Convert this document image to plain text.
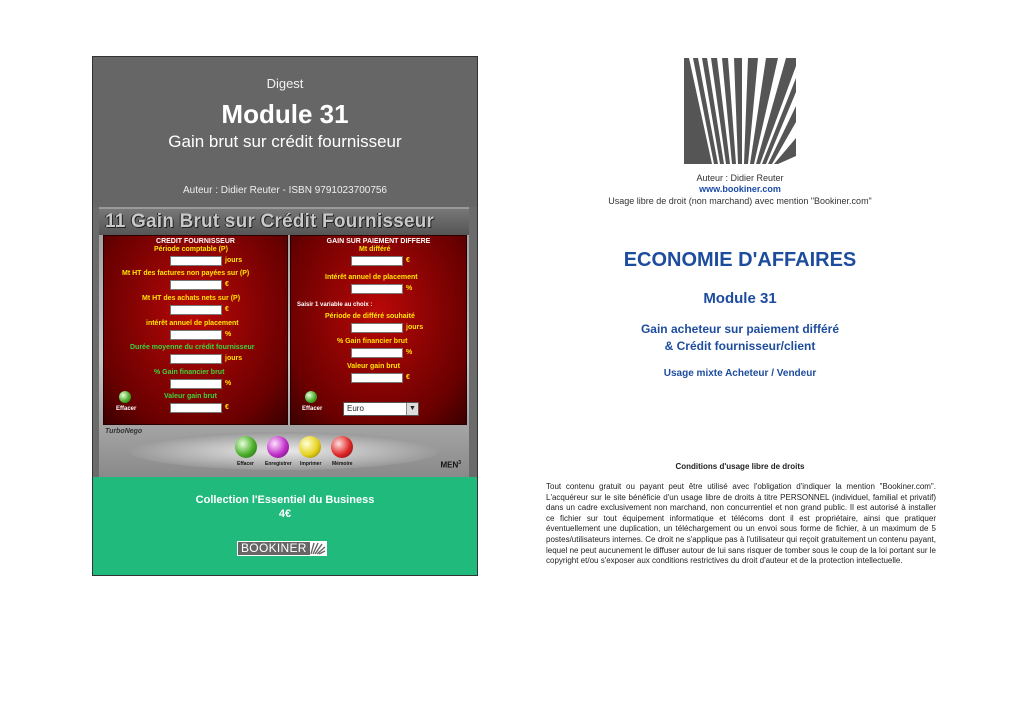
Digest
Module 31
Gain brut sur crédit fournisseur
Auteur : Didier Reuter - ISBN 9791023700756
11 Gain Brut sur Crédit Fournisseur
CREDIT FOURNISSEUR
Période comptable (P)
jours
Mt HT des factures non payées sur (P)
€
Mt HT des achats nets sur (P)
€
intérêt annuel de placement
%
Durée moyenne du crédit fournisseur
jours
% Gain financier brut
%
Effacer
Valeur gain brut
€
GAIN SUR PAIEMENT DIFFERE
Mt différé
€
Intérêt annuel de placement
%
Saisir 1 variable au choix :
Période de différé souhaité
jours
% Gain financier brut
%
Valeur gain brut
€
Effacer	Euro	▼
TurboNego
Effacer Enregistrer Imprimer Mémoire	MEN$^3$
Collection l'Essentiel du Business
4€
BOOKINER
Auteur : Didier Reuter
www.bookiner.com
Usage libre de droit (non marchand) avec mention "Bookiner.com"
ECONOMIE D'AFFAIRES
Module 31
Gain acheteur sur paiement différé
& Crédit fournisseur/client
Usage mixte Acheteur / Vendeur
Conditions d'usage libre de droits
Tout contenu gratuit ou payant peut être utilisé avec l'obligation d'indiquer la mention "Bookiner.com". L'acquéreur sur le site bénéficie d'un usage libre de droits à titre PERSONNEL (individuel, familial et privatif) dans un cadre exclusivement non marchand, non concurrentiel et non grand public. Il est autorisé à installer ce fichier sur tout équipement informatique et télécoms dont il est propriétaire, ainsi que pratiquer éventuellement une duplication, un téléchargement ou un envoi sous forme de fichier, à un maximum de 5 postes/utilisateurs internes. Ce droit ne s'applique pas à l'utilisateur qui reçoit gratuitement un contenu payant, lequel ne peut aucunement le diffuser autour de lui sans risquer de tomber sous le coup de la loi portant sur le copyright et/ou s'exposer aux conditions restrictives du droit d'auteur et de la protection intellectuelle.
